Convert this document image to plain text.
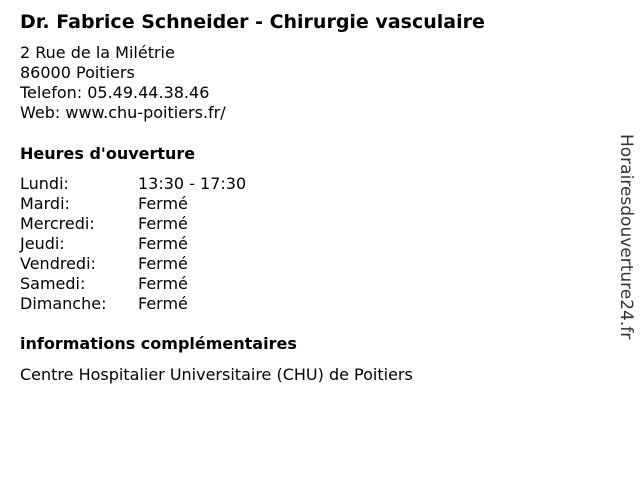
Dr. Fabrice Schneider - Chirurgie vasculaire
2 Rue de la Milétrie
86000 Poitiers
Telefon: 05.49.44.38.46
Web: www.chu-poitiers.fr/
Heures d'ouverture
Lundi:	13:30 - 17:30
Mardi:	Fermé
Mercredi:	Fermé
Jeudi:	Fermé
Vendredi:	Fermé
Samedi:	Fermé
Dimanche:	Fermé
informations complémentaires
Centre Hospitalier Universitaire (CHU) de Poitiers
Horairesdouverture24.fr
